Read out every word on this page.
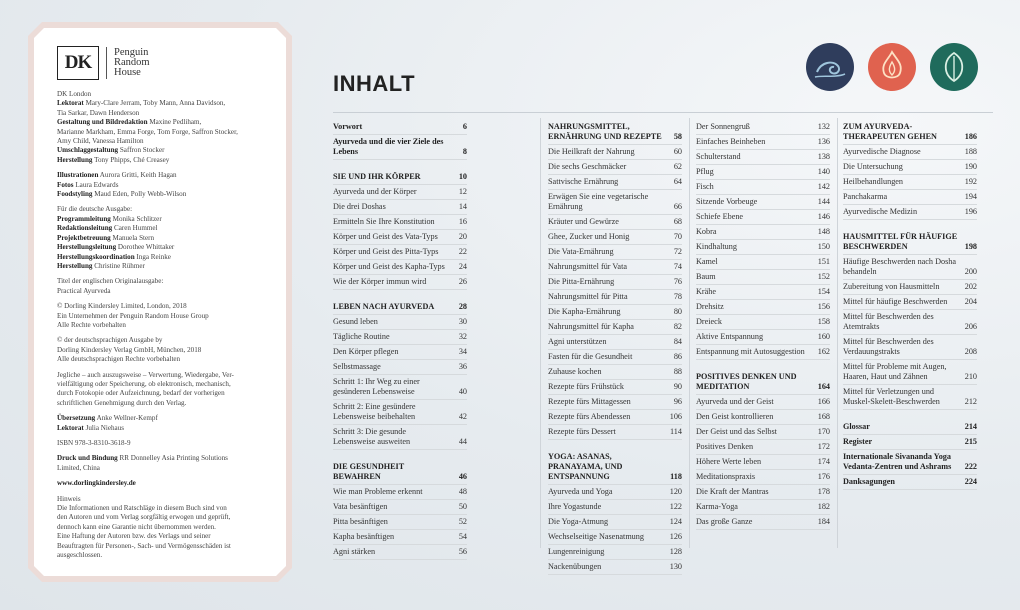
DK	Penguin
Random
House
DK London
Lektorat Mary-Clare Jerram, Toby Mann, Anna Davidson,
Tia Sarkar, Dawn Henderson
Gestaltung und Bildredaktion Maxine Pedliham,
Marianne Markham, Emma Forge, Tom Forge, Saffron Stocker,
Amy Child, Vanessa Hamilton
Umschlaggestaltung Saffron Stocker
Herstellung Tony Phipps, Ché Creasey
Illustrationen Aurora Gritti, Keith Hagan
Fotos Laura Edwards
Foodstyling Maud Eden, Polly Webb-Wilson
Für die deutsche Ausgabe:
Programmleitung Monika Schlitzer
Redaktionsleitung Caren Hummel
Projektbetreuung Manuela Stern
Herstellungsleitung Dorothee Whittaker
Herstellungskoordination Inga Reinke
Herstellung Christine Rühmer
Titel der englischen Originalausgabe:
Practical Ayurveda
© Dorling Kindersley Limited, London, 2018
Ein Unternehmen der Penguin Random House Group
Alle Rechte vorbehalten
© der deutschsprachigen Ausgabe by
Dorling Kindersley Verlag GmbH, München, 2018
Alle deutschsprachigen Rechte vorbehalten
Jegliche – auch auszugsweise – Verwertung, Wiedergabe, Ver-
vielfältigung oder Speicherung, ob elektronisch, mechanisch,
durch Fotokopie oder Aufzeichnung, bedarf der vorherigen
schriftlichen Genehmigung durch den Verlag.
Übersetzung Anke Wellner-Kempf
Lektorat Julia Niehaus
ISBN 978-3-8310-3618-9
Druck und Bindung RR Donnelley Asia Printing Solutions
Limited, China
www.dorlingkindersley.de
Hinweis
Die Informationen und Ratschläge in diesem Buch sind von
den Autoren und vom Verlag sorgfältig erwogen und geprüft,
dennoch kann eine Garantie nicht übernommen werden.
Eine Haftung der Autoren bzw. des Verlags und seiner
Beauftragten für Personen-, Sach- und Vermögensschäden ist
ausgeschlossen.
INHALT
Vorwort	6
Ayurveda und die vier Ziele des Lebens	8
SIE UND IHR KÖRPER	10
Ayurveda und der Körper	12
Die drei Doshas	14
Ermitteln Sie Ihre Konstitution	16
Körper und Geist des Vata-Typs	20
Körper und Geist des Pitta-Typs	22
Körper und Geist des Kapha-Typs	24
Wie der Körper immun wird	26
LEBEN NACH AYURVEDA	28
Gesund leben	30
Tägliche Routine	32
Den Körper pflegen	34
Selbstmassage	36
Schritt 1: Ihr Weg zu einer gesünderen Lebensweise	40
Schritt 2: Eine gesündere Lebensweise beibehalten	42
Schritt 3: Die gesunde Lebensweise ausweiten	44
DIE GESUNDHEIT BEWAHREN	46
Wie man Probleme erkennt	48
Vata besänftigen	50
Pitta besänftigen	52
Kapha besänftigen	54
Agni stärken	56
NAHRUNGSMITTEL, ERNÄHRUNG UND REZEPTE	58
Die Heilkraft der Nahrung	60
Die sechs Geschmäcker	62
Sattvische Ernährung	64
Erwägen Sie eine vegetarische Ernährung	66
Kräuter und Gewürze	68
Ghee, Zucker und Honig	70
Die Vata-Ernährung	72
Nahrungsmittel für Vata	74
Die Pitta-Ernährung	76
Nahrungsmittel für Pitta	78
Die Kapha-Ernährung	80
Nahrungsmittel für Kapha	82
Agni unterstützen	84
Fasten für die Gesundheit	86
Zuhause kochen	88
Rezepte fürs Frühstück	90
Rezepte fürs Mittagessen	96
Rezepte fürs Abendessen	106
Rezepte fürs Dessert	114
YOGA: ASANAS, PRANAYAMA, UND ENTSPANNUNG	118
Ayurveda und Yoga	120
Ihre Yogastunde	122
Die Yoga-Atmung	124
Wechselseitige Nasenatmung	126
Lungenreinigung	128
Nackenübungen	130
Der Sonnengruß	132
Einfaches Beinheben	136
Schulterstand	138
Pflug	140
Fisch	142
Sitzende Vorbeuge	144
Schiefe Ebene	146
Kobra	148
Kindhaltung	150
Kamel	151
Baum	152
Krähe	154
Drehsitz	156
Dreieck	158
Aktive Entspannung	160
Entspannung mit Autosuggestion	162
POSITIVES DENKEN UND MEDITATION	164
Ayurveda und der Geist	166
Den Geist kontrollieren	168
Der Geist und das Selbst	170
Positives Denken	172
Höhere Werte leben	174
Meditationspraxis	176
Die Kraft der Mantras	178
Karma-Yoga	182
Das große Ganze	184
ZUM AYURVEDA-THERAPEUTEN GEHEN	186
Ayurvedische Diagnose	188
Die Untersuchung	190
Heilbehandlungen	192
Panchakarma	194
Ayurvedische Medizin	196
HAUSMITTEL FÜR HÄUFIGE BESCHWERDEN	198
Häufige Beschwerden nach Dosha behandeln	200
Zubereitung von Hausmitteln	202
Mittel für häufige Beschwerden	204
Mittel für Beschwerden des Atemtrakts	206
Mittel für Beschwerden des Verdauungstrakts	208
Mittel für Probleme mit Augen, Haaren, Haut und Zähnen	210
Mittel für Verletzungen und Muskel-Skelett-Beschwerden	212
Glossar	214
Register	215
Internationale Sivananda Yoga Vedanta-Zentren und Ashrams	222
Danksagungen	224
